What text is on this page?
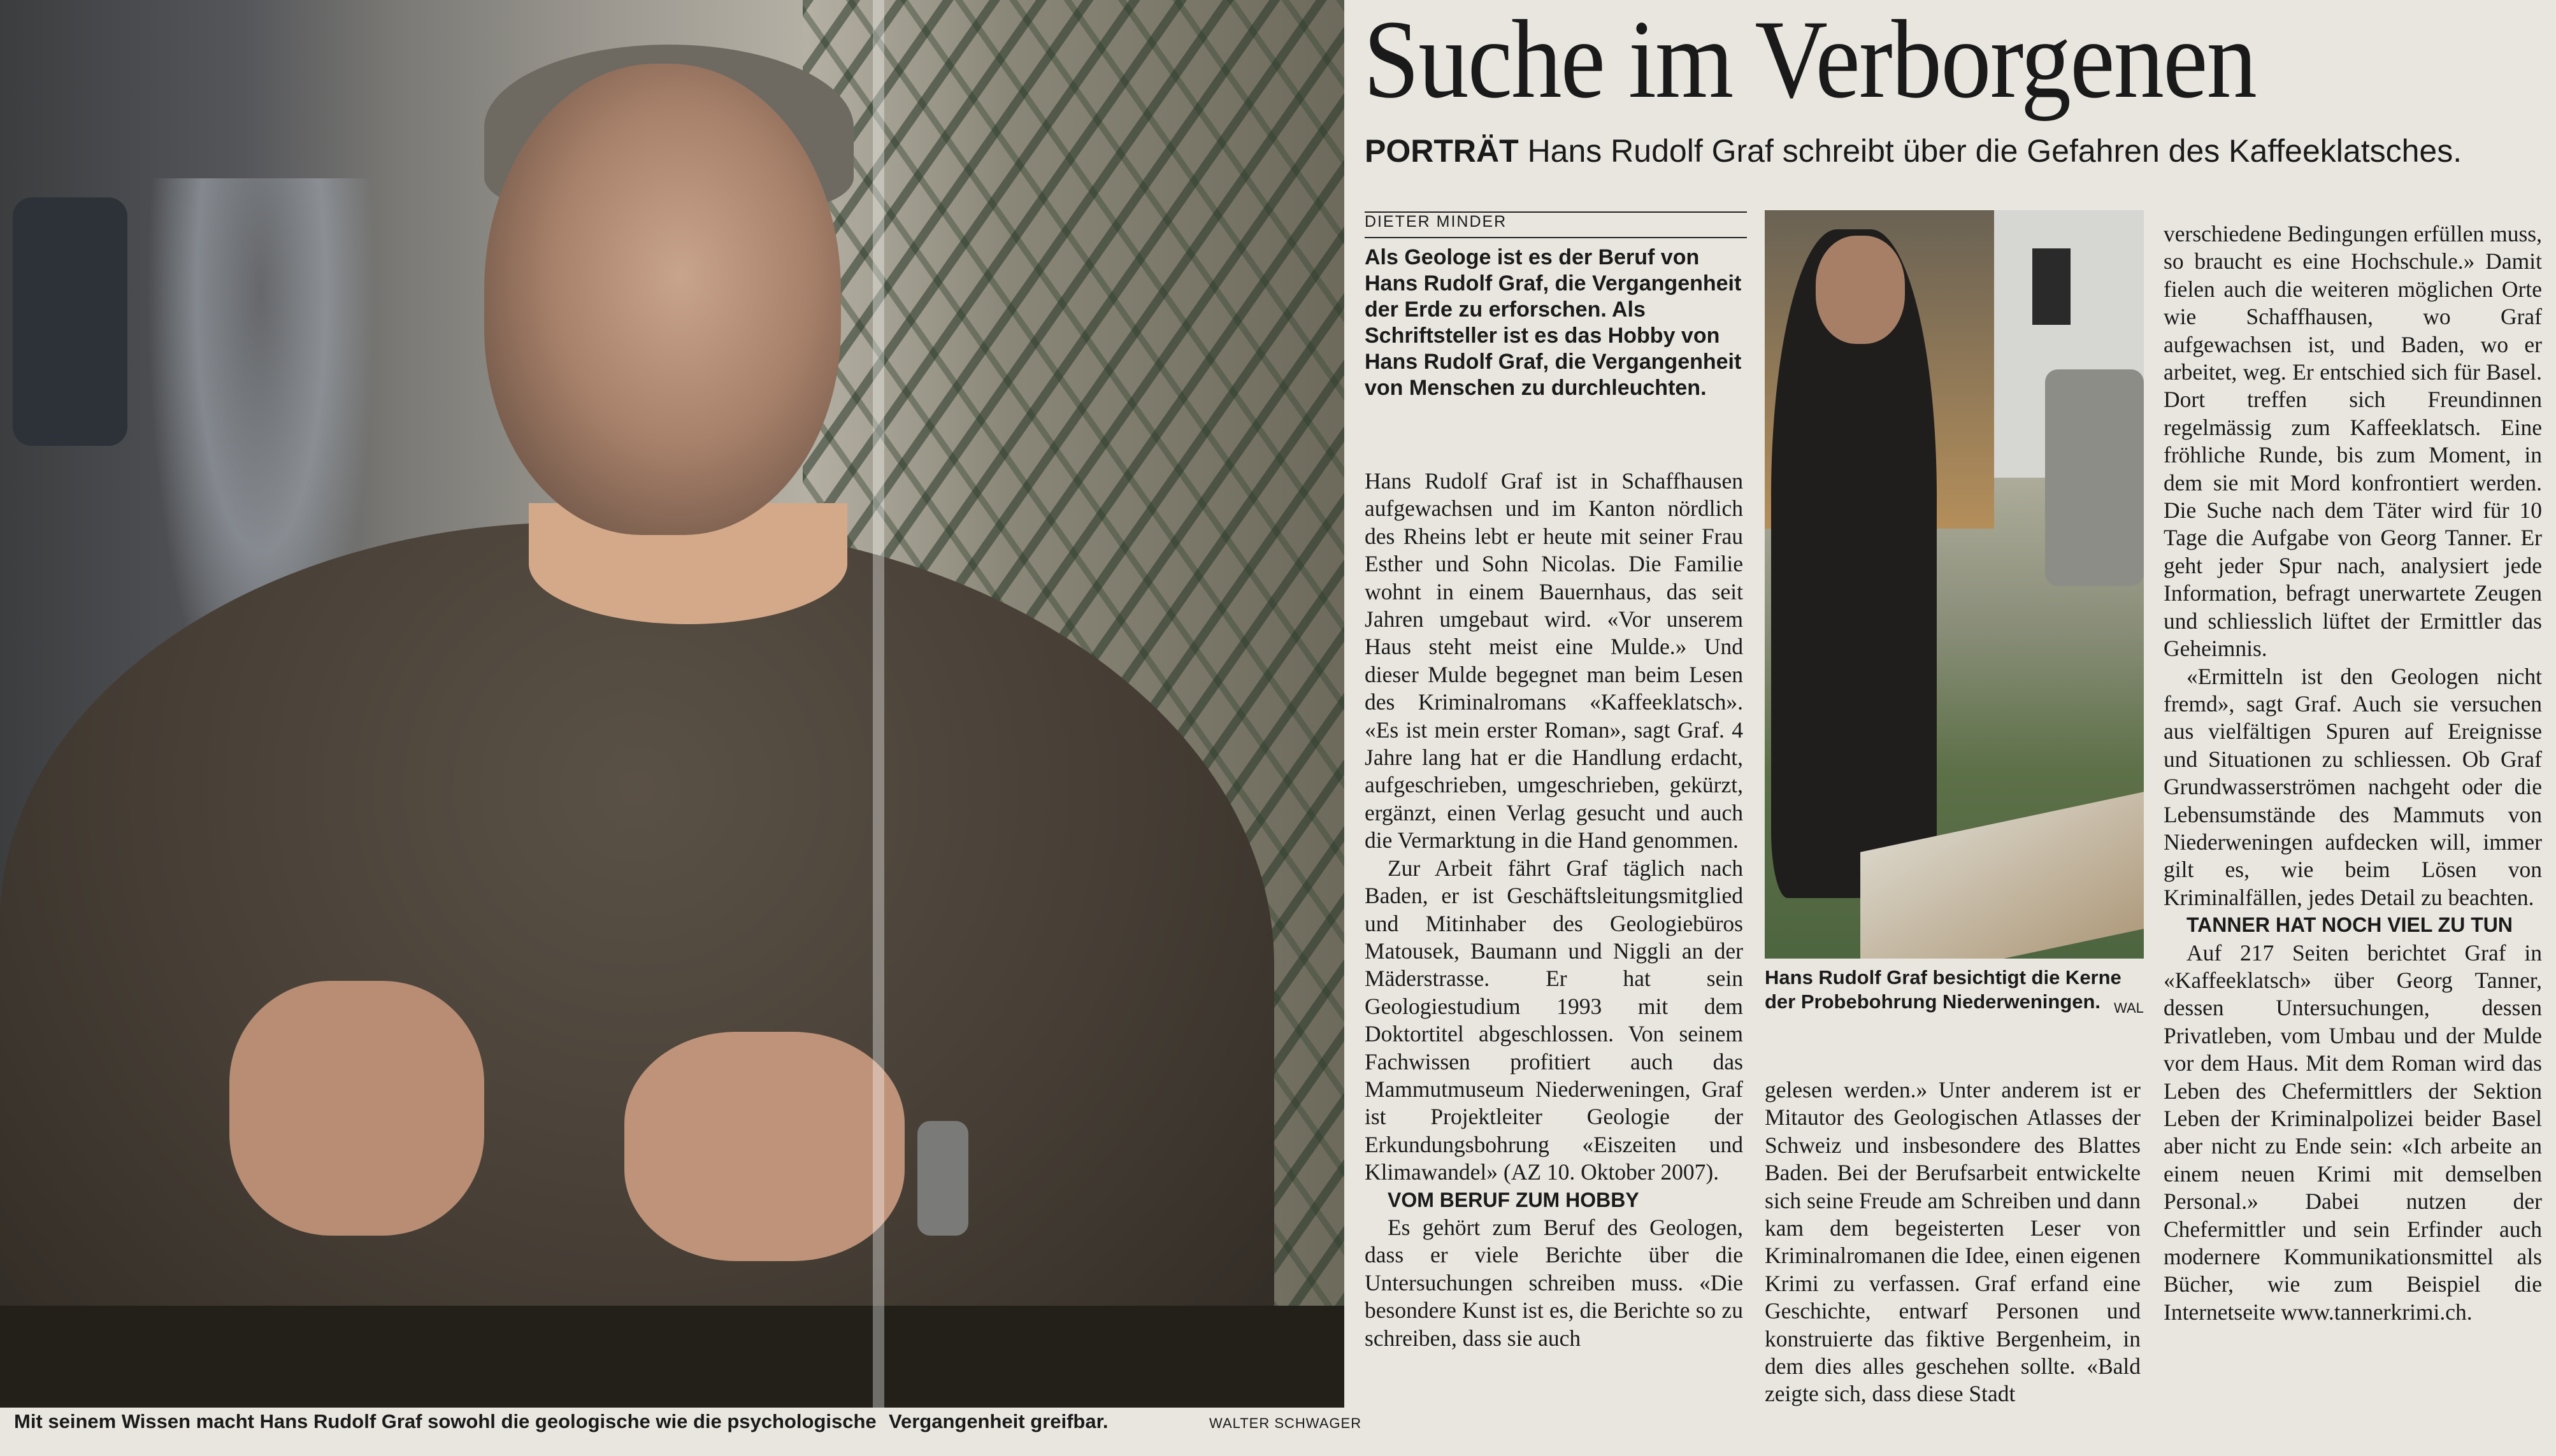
Mit seinem Wissen macht Hans Rudolf Graf sowohl die geologische wie die psychologische Vergangenheit greifbar.	WALTER SCHWAGER
Suche im Verborgenen
PORTRÄT Hans Rudolf Graf schreibt über die Gefahren des Kaffeeklatsches.
DIETER MINDER
Als Geologe ist es der Beruf von Hans Rudolf Graf, die Vergangenheit der Erde zu erforschen. Als Schriftsteller ist es das Hobby von Hans Rudolf Graf, die Vergangenheit von Menschen zu durchleuchten.

Hans Rudolf Graf ist in Schaffhausen aufgewachsen und im Kanton nördlich des Rheins lebt er heute mit seiner Frau Esther und Sohn Nicolas. Die Familie wohnt in einem Bauernhaus, das seit Jahren umgebaut wird. «Vor unserem Haus steht meist eine Mulde.» Und dieser Mulde begegnet man beim Lesen des Kriminalromans «Kaffeeklatsch». «Es ist mein erster Roman», sagt Graf. 4 Jahre lang hat er die Handlung erdacht, aufgeschrieben, umgeschrieben, gekürzt, ergänzt, einen Verlag gesucht und auch die Vermarktung in die Hand genommen.

Zur Arbeit fährt Graf täglich nach Baden, er ist Geschäftsleitungsmitglied und Mitinhaber des Geologiebüros Matousek, Baumann und Niggli an der Mäderstrasse. Er hat sein Geologiestudium 1993 mit dem Doktortitel abgeschlossen. Von seinem Fachwissen profitiert auch das Mammutmuseum Niederweningen, Graf ist Projektleiter Geologie der Erkundungsbohrung «Eiszeiten und Klimawandel» (AZ 10. Oktober 2007).

VOM BERUF ZUM HOBBY

Es gehört zum Beruf des Geologen, dass er viele Berichte über die Untersuchungen schreiben muss. «Die besondere Kunst ist es, die Berichte so zu schreiben, dass sie auch

Hans Rudolf Graf besichtigt die Kerne der Probebohrung Niederweningen. WAL

gelesen werden.» Unter anderem ist er Mitautor des Geologischen Atlasses der Schweiz und insbesondere des Blattes Baden. Bei der Berufsarbeit entwickelte sich seine Freude am Schreiben und dann kam dem begeisterten Leser von Kriminalromanen die Idee, einen eigenen Krimi zu verfassen. Graf erfand eine Geschichte, entwarf Personen und konstruierte das fiktive Bergenheim, in dem dies alles geschehen sollte. «Bald zeigte sich, dass diese Stadt

verschiedene Bedingungen erfüllen muss, so braucht es eine Hochschule.» Damit fielen auch die weiteren möglichen Orte wie Schaffhausen, wo Graf aufgewachsen ist, und Baden, wo er arbeitet, weg. Er entschied sich für Basel. Dort treffen sich Freundinnen regelmässig zum Kaffeeklatsch. Eine fröhliche Runde, bis zum Moment, in dem sie mit Mord konfrontiert werden. Die Suche nach dem Täter wird für 10 Tage die Aufgabe von Georg Tanner. Er geht jeder Spur nach, analysiert jede Information, befragt unerwartete Zeugen und schliesslich lüftet der Ermittler das Geheimnis.

«Ermitteln ist den Geologen nicht fremd», sagt Graf. Auch sie versuchen aus vielfältigen Spuren auf Ereignisse und Situationen zu schliessen. Ob Graf Grundwasserströmen nachgeht oder die Lebensumstände des Mammuts von Niederweningen aufdecken will, immer gilt es, wie beim Lösen von Kriminalfällen, jedes Detail zu beachten.

TANNER HAT NOCH VIEL ZU TUN

Auf 217 Seiten berichtet Graf in «Kaffeeklatsch» über Georg Tanner, dessen Untersuchungen, dessen Privatleben, vom Umbau und der Mulde vor dem Haus. Mit dem Roman wird das Leben des Chefermittlers der Sektion Leben der Kriminalpolizei beider Basel aber nicht zu Ende sein: «Ich arbeite an einem neuen Krimi mit demselben Personal.» Dabei nutzen der Chefermittler und sein Erfinder auch modernere Kommunikationsmittel als Bücher, wie zum Beispiel die Internetseite www.tannerkrimi.ch.
